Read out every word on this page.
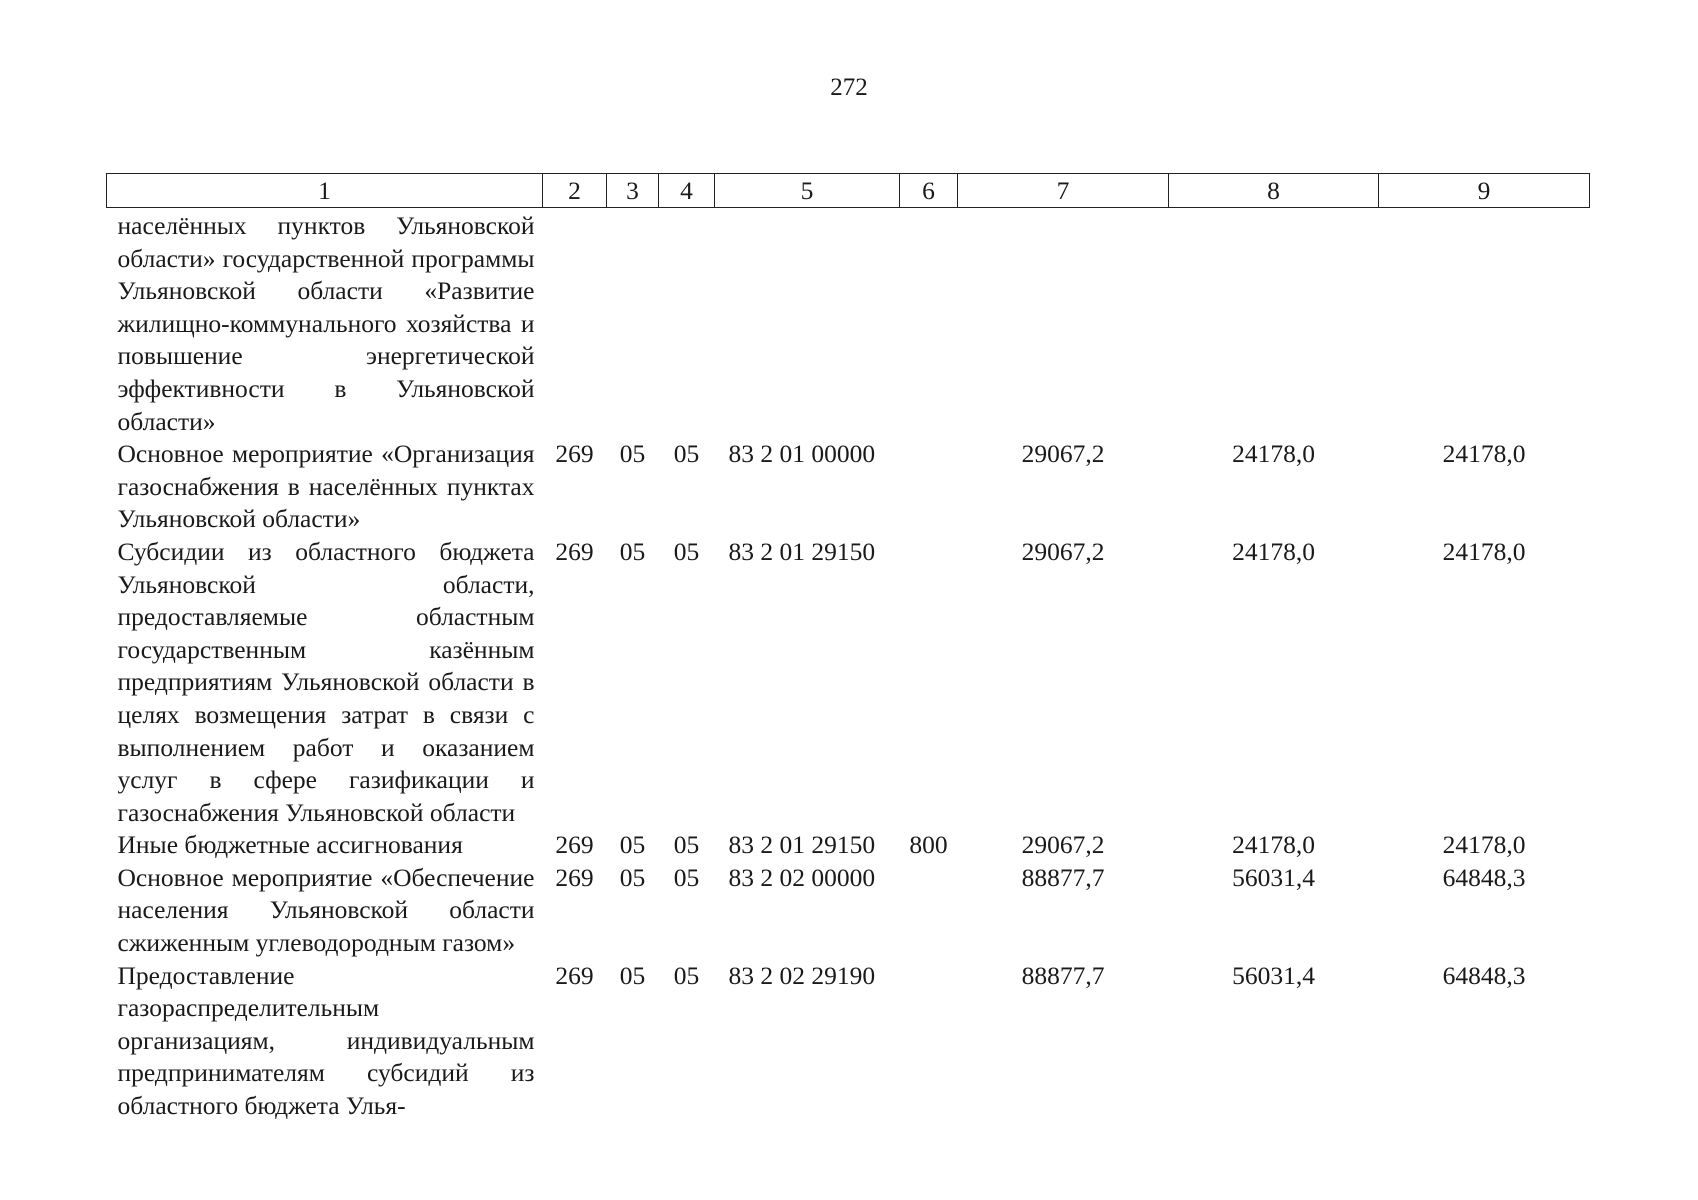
272
1	2	3	4	5	6	7	8	9
населённых пунктов Ульяновской области» государственной программы Ульяновской области «Развитие жилищно-коммунального хозяйства и повышение энергетической эффективности в Ульяновской области»								
Основное мероприятие «Организация газоснабжения в населённых пунктах Ульяновской области»	269	05	05	83 2 01 00000		29067,2	24178,0	24178,0
Субсидии из областного бюджета Ульяновской области, предоставляемые областным государственным казённым предприятиям Ульяновской области в целях возмещения затрат в связи с выполнением работ и оказанием услуг в сфере газификации и газоснабжения Ульяновской области	269	05	05	83 2 01 29150		29067,2	24178,0	24178,0
Иные бюджетные ассигнования	269	05	05	83 2 01 29150	800	29067,2	24178,0	24178,0
Основное мероприятие «Обеспечение населения Ульяновской области сжиженным углеводородным газом»	269	05	05	83 2 02 00000		88877,7	56031,4	64848,3
Предоставление газораспределительным организациям, индивидуальным предпринимателям субсидий из областного бюджета Улья-	269	05	05	83 2 02 29190		88877,7	56031,4	64848,3
